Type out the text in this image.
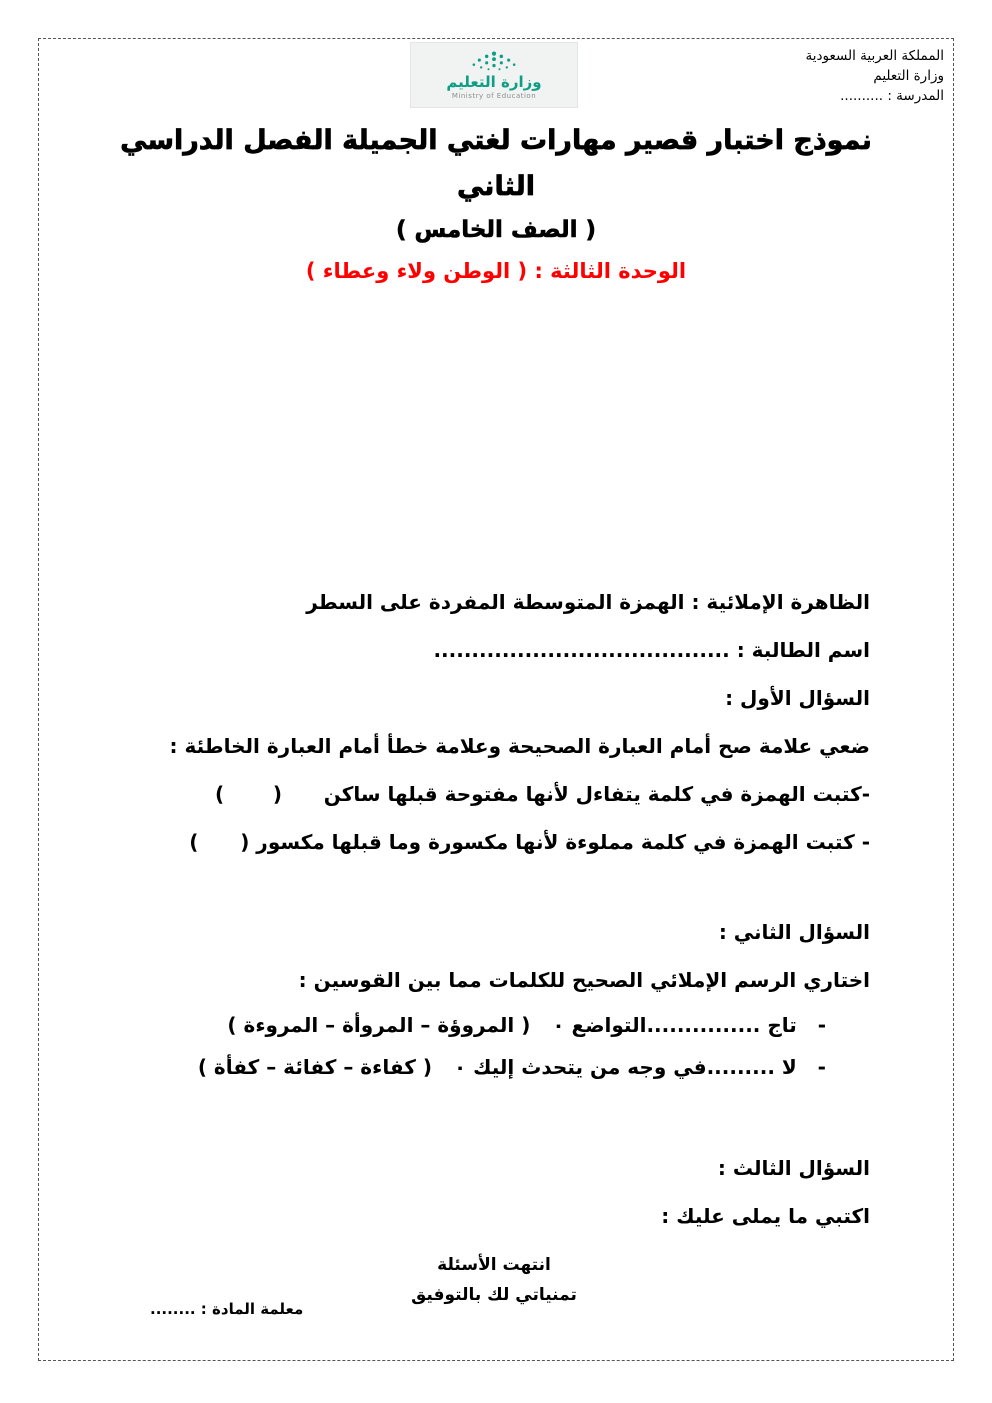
المملكة العربية السعودية
وزارة التعليم
المدرسة : ..........
وزارة التعليم
Ministry of Education
نموذج اختبار قصير مهارات لغتي الجميلة الفصل الدراسي
الثاني
( الصف الخامس )
الوحدة الثالثة : ( الوطن ولاء وعطاء )
الظاهرة الإملائية : الهمزة المتوسطة المفردة على السطر
اسم الطالبة : .......................................
السؤال الأول :
ضعي علامة صح أمام العبارة الصحيحة وعلامة خطأ أمام العبارة الخاطئة :
-كتبت الهمزة في كلمة يتفاءل لأنها مفتوحة قبلها ساكن      (       )
- كتبت الهمزة في كلمة مملوءة لأنها مكسورة وما قبلها مكسور (      )
السؤال الثاني :
اختاري الرسم الإملائي الصحيح للكلمات مما بين القوسين :
-   تاج ...............التواضع ٠
( المروؤة – المروأة – المروءة )
-   لا .........في وجه من يتحدث إليك ٠
( كفاءة – كفائة – كفأة )
السؤال الثالث :
اكتبي ما يملى عليك :
انتهت الأسئلة
تمنياتي لك بالتوفيق
معلمة المادة : ........
